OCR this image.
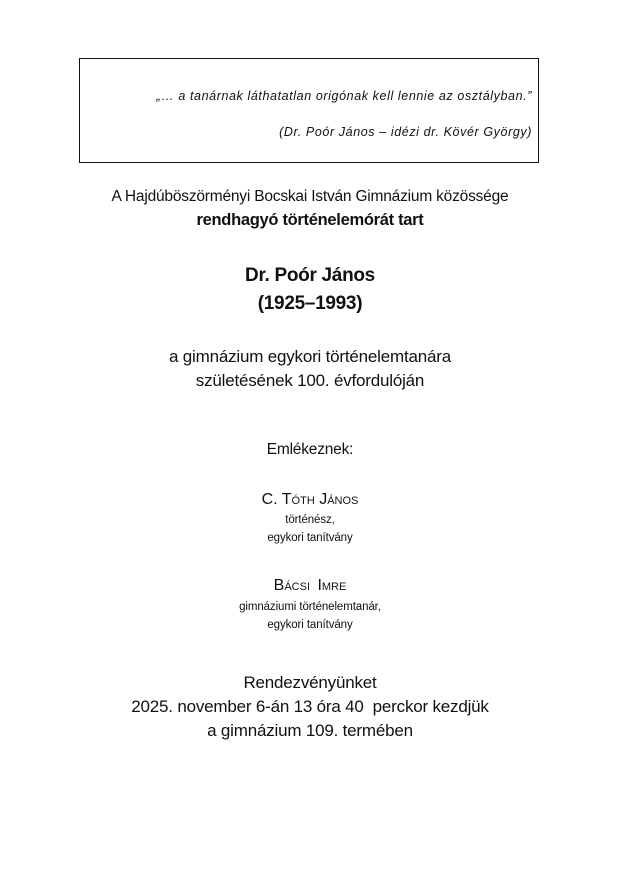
„… a tanárnak láthatatlan origónak kell lennie az osztályban.”
(Dr. Poór János – idézi dr. Kövér György)
A Hajdúböszörményi Bocskai István Gimnázium közössége
rendhagyó történelemórát tart
Dr. Poór János
(1925–1993)
a gimnázium egykori történelemtanára
születésének 100. évfordulóján
Emlékeznek:
C. Tóth János
történész,
egykori tanítvány
Bácsi Imre
gimnáziumi történelemtanár,
egykori tanítvány
Rendezvényünket
2025. november 6-án 13 óra 40  perckor kezdjük
a gimnázium 109. termében
